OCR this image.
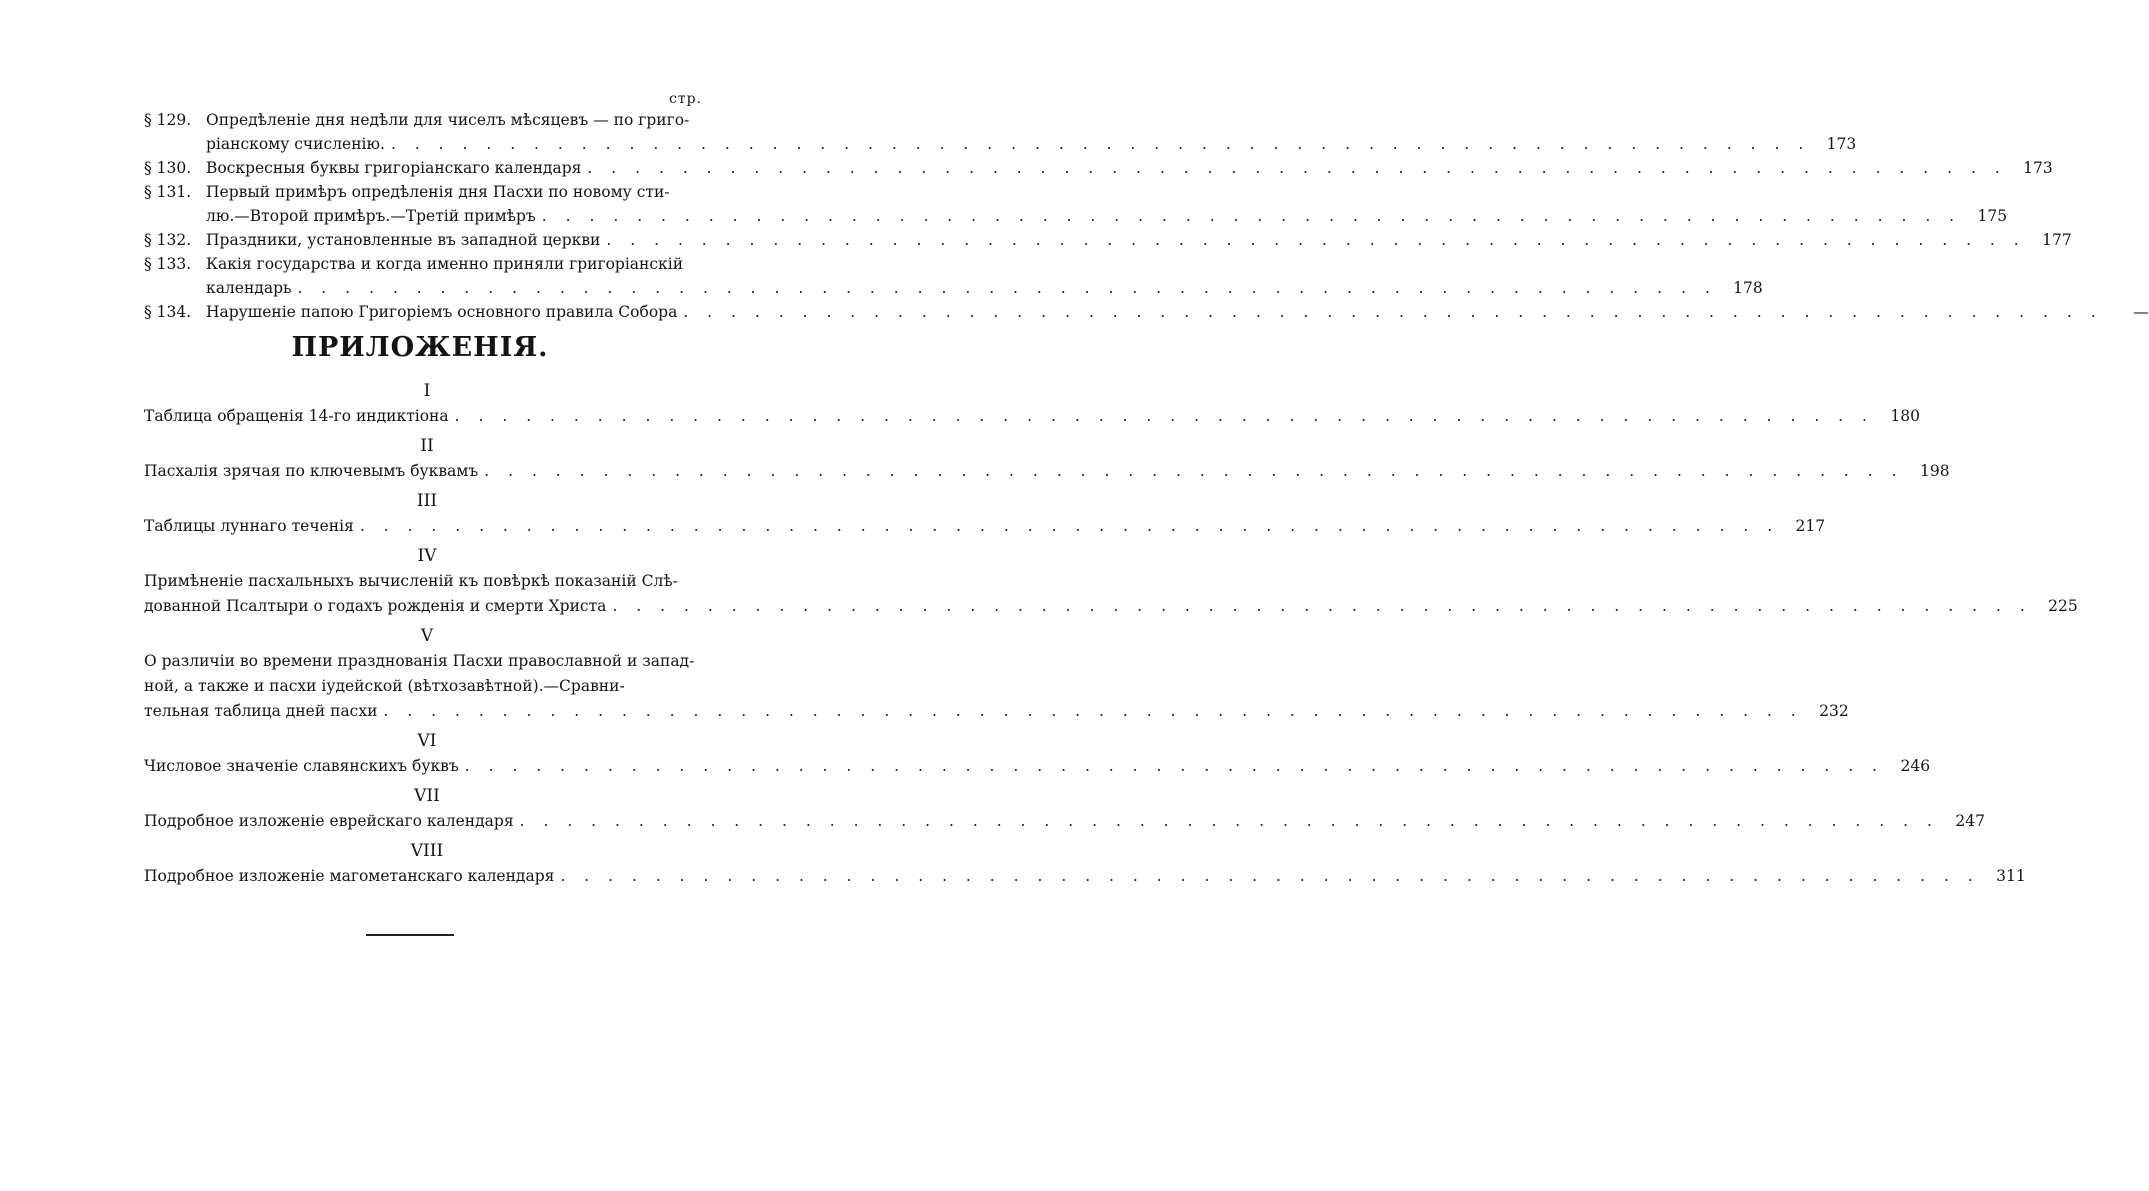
стр.
§ 129. Опредѣленіе дня недѣли для чиселъ мѣсяцевъ — по григо-
ріанскому счисленію. . . . . . . . . . . . . . . . . . . . . . . . . . . . . . . . . . . . . . . . . . . . . . . . . . . . . . . . . . . . .	173
§ 130. Воскресныя буквы григоріанскаго календаря . . . . . . . . . . . . . . . . . . . . . . . . . . . . . . . . . . . . . . . . . . . . . . . . . . . . . . . . . . . .	173
§ 131. Первый примѣръ опредѣленія дня Пасхи по новому сти-
лю.—Второй примѣръ.—Третій примѣръ . . . . . . . . . . . . . . . . . . . . . . . . . . . . . . . . . . . . . . . . . . . . . . . . . . . . . . . . . . . .	175
§ 132. Праздники, установленные въ западной церкви . . . . . . . . . . . . . . . . . . . . . . . . . . . . . . . . . . . . . . . . . . . . . . . . . . . . . . . . . . . .	177
§ 133. Какія государства и когда именно приняли григоріанскій
календарь . . . . . . . . . . . . . . . . . . . . . . . . . . . . . . . . . . . . . . . . . . . . . . . . . . . . . . . . . . . .	178
§ 134. Нарушеніе папою Григоріемъ основного правила Собора . . . . . . . . . . . . . . . . . . . . . . . . . . . . . . . . . . . . . . . . . . . . . . . . . . . . . . . . . . . .	—
ПРИЛОЖЕНІЯ.
I
Таблица обращенія 14-го индиктіона . . . . . . . . . . . . . . . . . . . . . . . . . . . . . . . . . . . . . . . . . . . . . . . . . . . . . . . . . . . .	180
II
Пасхалія зрячая по ключевымъ буквамъ . . . . . . . . . . . . . . . . . . . . . . . . . . . . . . . . . . . . . . . . . . . . . . . . . . . . . . . . . . . .	198
III
Таблицы луннаго теченія . . . . . . . . . . . . . . . . . . . . . . . . . . . . . . . . . . . . . . . . . . . . . . . . . . . . . . . . . . . .	217
IV
Примѣненіе пасхальныхъ вычисленій къ повѣркѣ показаній Слѣ-
дованной Псалтыри о годахъ рожденія и смерти Христа . . . . . . . . . . . . . . . . . . . . . . . . . . . . . . . . . . . . . . . . . . . . . . . . . . . . . . . . . . . .	225
V
О различіи во времени празднованія Пасхи православной и запад-
ной, а также и пасхи іудейской (вѣтхозавѣтной).—Сравни-
тельная таблица дней пасхи . . . . . . . . . . . . . . . . . . . . . . . . . . . . . . . . . . . . . . . . . . . . . . . . . . . . . . . . . . . .	232
VI
Числовое значеніе славянскихъ буквъ . . . . . . . . . . . . . . . . . . . . . . . . . . . . . . . . . . . . . . . . . . . . . . . . . . . . . . . . . . . .	246
VII
Подробное изложеніе еврейскаго календаря . . . . . . . . . . . . . . . . . . . . . . . . . . . . . . . . . . . . . . . . . . . . . . . . . . . . . . . . . . . .	247
VIII
Подробное изложеніе магометанскаго календаря . . . . . . . . . . . . . . . . . . . . . . . . . . . . . . . . . . . . . . . . . . . . . . . . . . . . . . . . . . . .	311
